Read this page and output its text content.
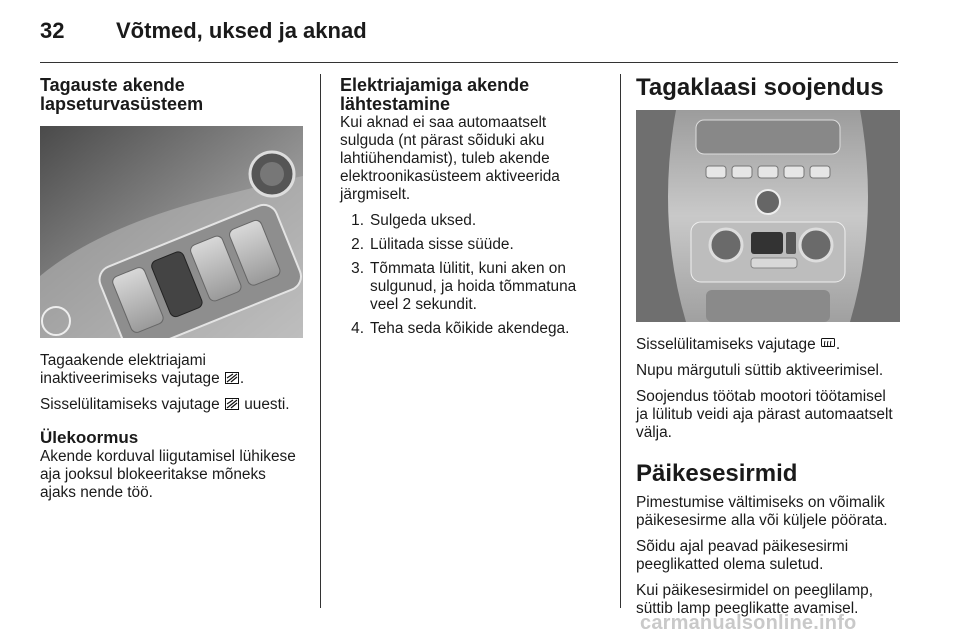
32 Võtmed, uksed ja aknad
Tagauste akende
lapseturvasüsteem

Tagaakende elektriajami
inaktiveerimiseks vajutage .

Sisselülitamiseks vajutage  uuesti.

Ülekoormus

Akende korduval liigutamisel lühikese
aja jooksul blokeeritakse mõneks
ajaks nende töö.

Elektriajamiga akende
lähtestamine

Kui aknad ei saa automaatselt
sulguda (nt pärast sõiduki aku
lahtiühendamist), tuleb akende
elektroonikasüsteem aktiveerida
järgmiselt.

1. Sulgeda uksed.
2. Lülitada sisse süüde.
3. Tõmmata lülitit, kuni aken on
sulgunud, ja hoida tõmmatuna
veel 2 sekundit.
4. Teha seda kõikide akendega.
Tagaklaasi soojendus

Sisselülitamiseks vajutage .

Nupu märgutuli süttib aktiveerimisel.

Soojendus töötab mootori töötamisel
ja lülitub veidi aja pärast automaatselt
välja.

Päikesesirmid

Pimestumise vältimiseks on võimalik
päikesesirme alla või küljele pöörata.

Sõidu ajal peavad päikesesirmi
peeglikatted olema suletud.

Kui päikesesirmidel on peeglilamp,
süttib lamp peeglikatte avamisel.

carmanualsonline.info
